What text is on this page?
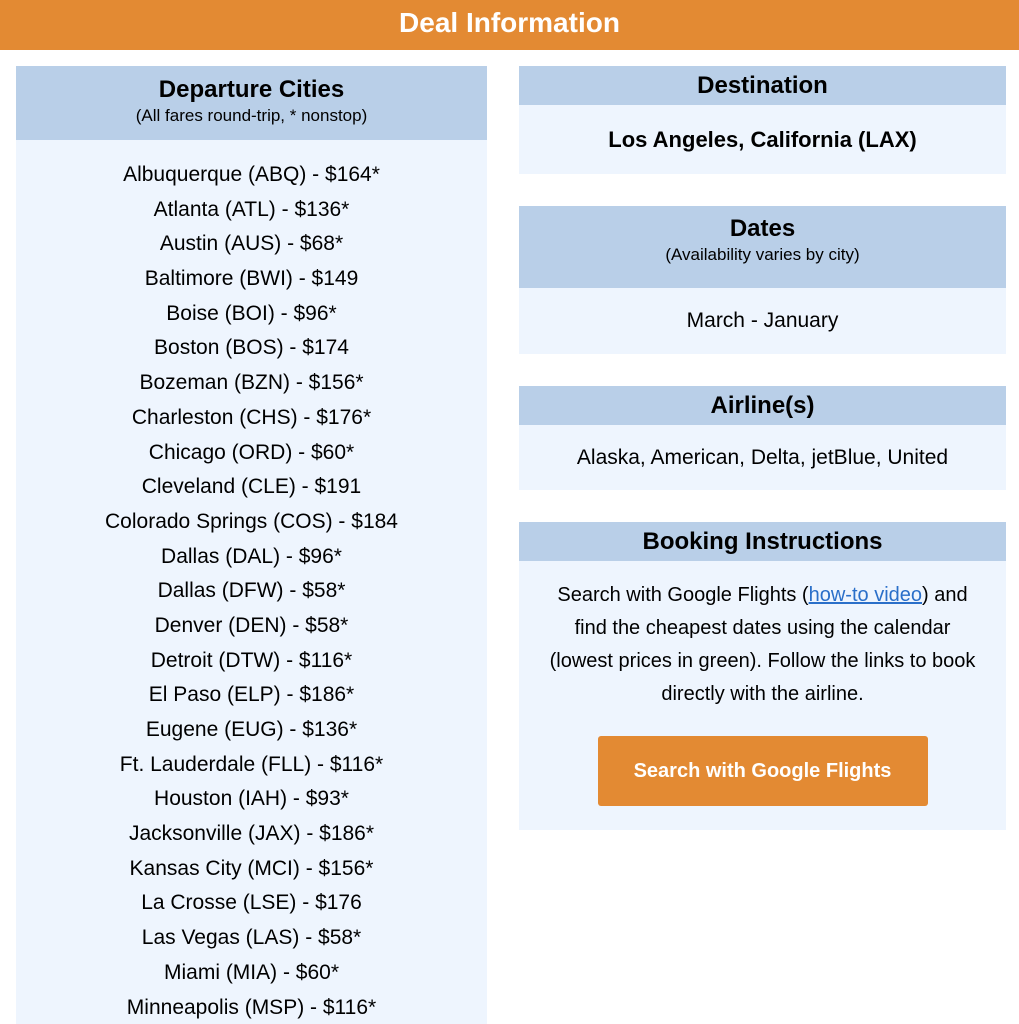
Deal Information
Departure Cities
(All fares round-trip, * nonstop)
Albuquerque (ABQ) - $164*
Atlanta (ATL) - $136*
Austin (AUS) - $68*
Baltimore (BWI) - $149
Boise (BOI) - $96*
Boston (BOS) - $174
Bozeman (BZN) - $156*
Charleston (CHS) - $176*
Chicago (ORD) - $60*
Cleveland (CLE) - $191
Colorado Springs (COS) - $184
Dallas (DAL) - $96*
Dallas (DFW) - $58*
Denver (DEN) - $58*
Detroit (DTW) - $116*
El Paso (ELP) - $186*
Eugene (EUG) - $136*
Ft. Lauderdale (FLL) - $116*
Houston (IAH) - $93*
Jacksonville (JAX) - $186*
Kansas City (MCI) - $156*
La Crosse (LSE) - $176
Las Vegas (LAS) - $58*
Miami (MIA) - $60*
Minneapolis (MSP) - $116*
Destination
Los Angeles, California (LAX)
Dates
(Availability varies by city)
March - January
Airline(s)
Alaska, American, Delta, jetBlue, United
Booking Instructions
Search with Google Flights (how-to video) and find the cheapest dates using the calendar (lowest prices in green). Follow the links to book directly with the airline.
Search with Google Flights
